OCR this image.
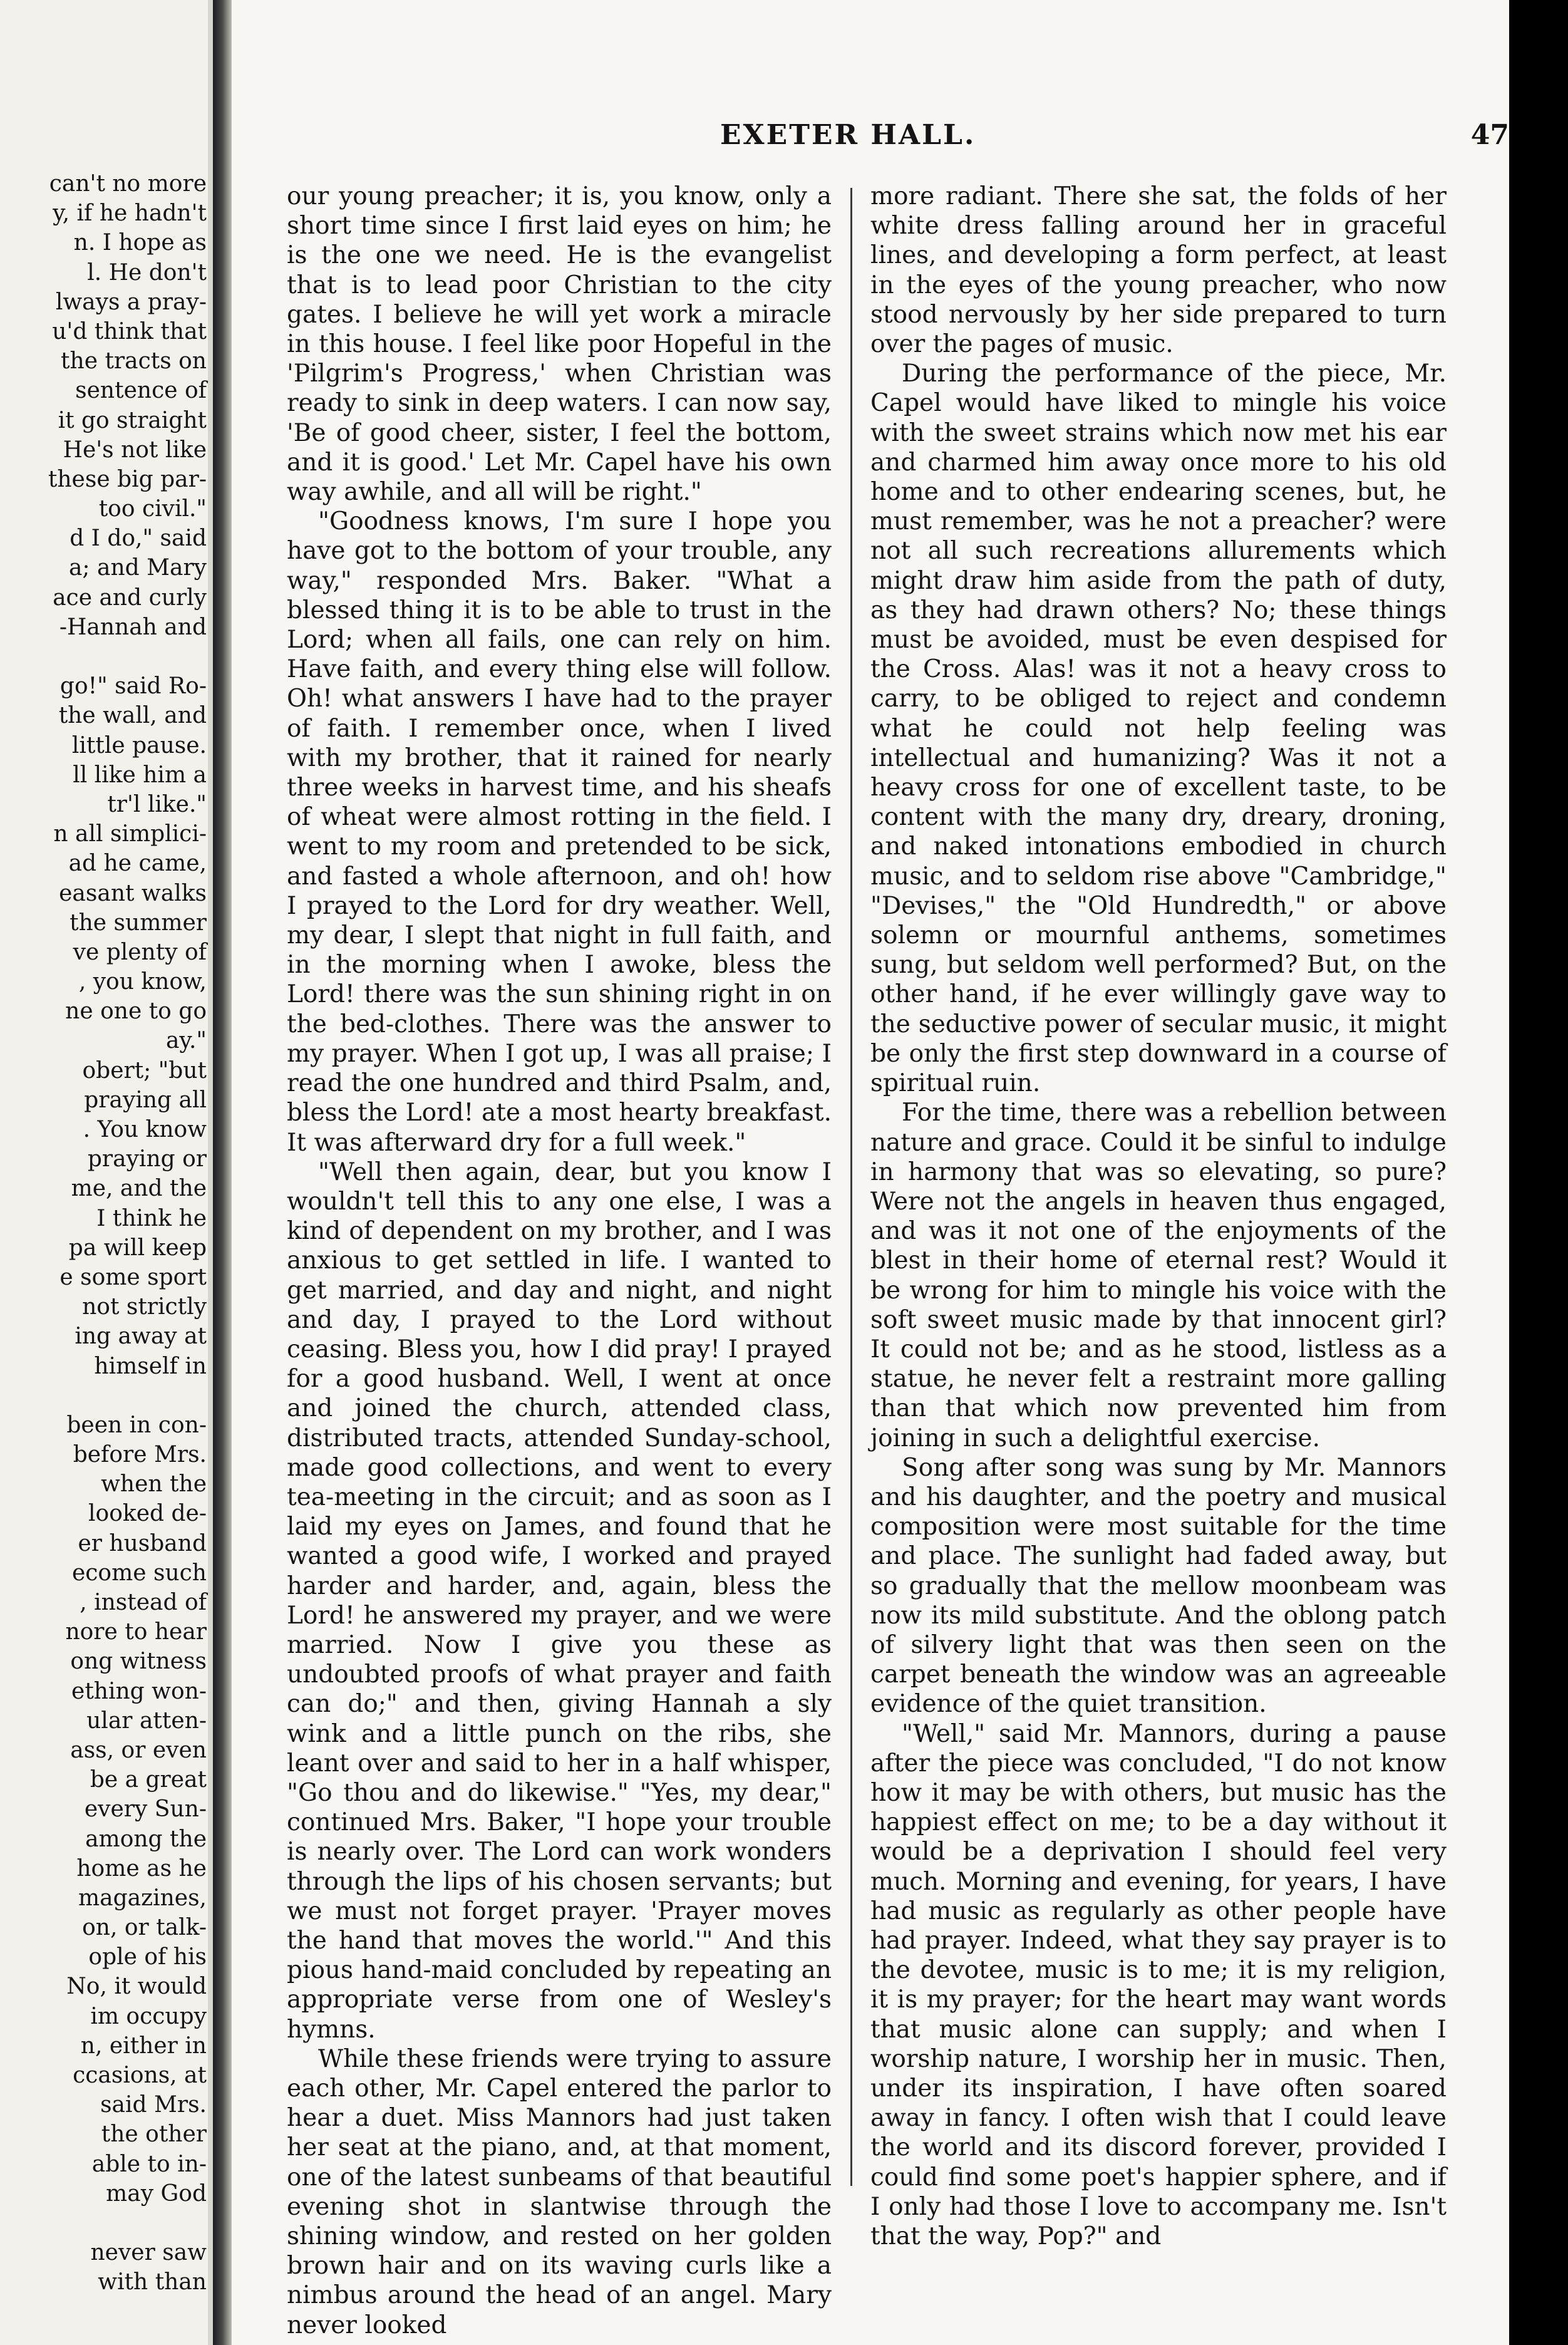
can't no more
y, if he hadn't
n. I hope as
l. He don't
lways a pray-
u'd think that
the tracts on
sentence of
it go straight
He's not like
these big par-
too civil."
d I do," said
a; and Mary
ace and curly
-Hannah and
go!" said Ro-
the wall, and
little pause.
ll like him a
tr'l like."
n all simplici-
ad he came,
easant walks
the summer
ve plenty of
, you know,
ne one to go
ay."
obert; "but
praying all
. You know
praying or
me, and the
I think he
pa will keep
e some sport
not strictly
ing away at
himself in
been in con-
before Mrs.
when the
looked de-
er husband
ecome such
, instead of
nore to hear
ong witness
ething won-
ular atten-
ass, or even
be a great
every Sun-
among the
home as he
magazines,
on, or talk-
ople of his
No, it would
im occupy
n, either in
ccasions, at
said Mrs.
the other
able to in-
may God
never saw
with than
EXETER HALL.	47

our young preacher; it is, you know, only a short time since I first laid eyes on him; he is the one we need. He is the evangelist that is to lead poor Christian to the city gates. I believe he will yet work a miracle in this house. I feel like poor Hopeful in the 'Pilgrim's Progress,' when Christian was ready to sink in deep waters. I can now say, 'Be of good cheer, sister, I feel the bottom, and it is good.' Let Mr. Capel have his own way awhile, and all will be right."

"Goodness knows, I'm sure I hope you have got to the bottom of your trouble, any way," responded Mrs. Baker. "What a blessed thing it is to be able to trust in the Lord; when all fails, one can rely on him. Have faith, and every thing else will follow. Oh! what answers I have had to the prayer of faith. I remember once, when I lived with my brother, that it rained for nearly three weeks in harvest time, and his sheafs of wheat were almost rotting in the field. I went to my room and pretended to be sick, and fasted a whole afternoon, and oh! how I prayed to the Lord for dry weather. Well, my dear, I slept that night in full faith, and in the morning when I awoke, bless the Lord! there was the sun shining right in on the bed-clothes. There was the answer to my prayer. When I got up, I was all praise; I read the one hundred and third Psalm, and, bless the Lord! ate a most hearty breakfast. It was afterward dry for a full week."

"Well then again, dear, but you know I wouldn't tell this to any one else, I was a kind of dependent on my brother, and I was anxious to get settled in life. I wanted to get married, and day and night, and night and day, I prayed to the Lord without ceasing. Bless you, how I did pray! I prayed for a good husband. Well, I went at once and joined the church, attended class, distributed tracts, attended Sunday-school, made good collections, and went to every tea-meeting in the circuit; and as soon as I laid my eyes on James, and found that he wanted a good wife, I worked and prayed harder and harder, and, again, bless the Lord! he answered my prayer, and we were married. Now I give you these as undoubted proofs of what prayer and faith can do;" and then, giving Hannah a sly wink and a little punch on the ribs, she leant over and said to her in a half whisper, "Go thou and do likewise." "Yes, my dear," continued Mrs. Baker, "I hope your trouble is nearly over. The Lord can work wonders through the lips of his chosen servants; but we must not forget prayer. 'Prayer moves the hand that moves the world.'" And this pious hand-maid concluded by repeating an appropriate verse from one of Wesley's hymns.

While these friends were trying to assure each other, Mr. Capel entered the parlor to hear a duet. Miss Mannors had just taken her seat at the piano, and, at that moment, one of the latest sunbeams of that beautiful evening shot in slantwise through the shining window, and rested on her golden brown hair and on its waving curls like a nimbus around the head of an angel. Mary never looked

more radiant. There she sat, the folds of her white dress falling around her in graceful lines, and developing a form perfect, at least in the eyes of the young preacher, who now stood nervously by her side prepared to turn over the pages of music.

During the performance of the piece, Mr. Capel would have liked to mingle his voice with the sweet strains which now met his ear and charmed him away once more to his old home and to other endearing scenes, but, he must remember, was he not a preacher? were not all such recreations allurements which might draw him aside from the path of duty, as they had drawn others? No; these things must be avoided, must be even despised for the Cross. Alas! was it not a heavy cross to carry, to be obliged to reject and condemn what he could not help feeling was intellectual and humanizing? Was it not a heavy cross for one of excellent taste, to be content with the many dry, dreary, droning, and naked intonations embodied in church music, and to seldom rise above "Cambridge," "Devises," the "Old Hundredth," or above solemn or mournful anthems, sometimes sung, but seldom well performed? But, on the other hand, if he ever willingly gave way to the seductive power of secular music, it might be only the first step downward in a course of spiritual ruin.

For the time, there was a rebellion between nature and grace. Could it be sinful to indulge in harmony that was so elevating, so pure? Were not the angels in heaven thus engaged, and was it not one of the enjoyments of the blest in their home of eternal rest? Would it be wrong for him to mingle his voice with the soft sweet music made by that innocent girl? It could not be; and as he stood, listless as a statue, he never felt a restraint more galling than that which now prevented him from joining in such a delightful exercise.

Song after song was sung by Mr. Mannors and his daughter, and the poetry and musical composition were most suitable for the time and place. The sunlight had faded away, but so gradually that the mellow moonbeam was now its mild substitute. And the oblong patch of silvery light that was then seen on the carpet beneath the window was an agreeable evidence of the quiet transition.

"Well," said Mr. Mannors, during a pause after the piece was concluded, "I do not know how it may be with others, but music has the happiest effect on me; to be a day without it would be a deprivation I should feel very much. Morning and evening, for years, I have had music as regularly as other people have had prayer. Indeed, what they say prayer is to the devotee, music is to me; it is my religion, it is my prayer; for the heart may want words that music alone can supply; and when I worship nature, I worship her in music. Then, under its inspiration, I have often soared away in fancy. I often wish that I could leave the world and its discord forever, provided I could find some poet's happier sphere, and if I only had those I love to accompany me. Isn't that the way, Pop?" and
